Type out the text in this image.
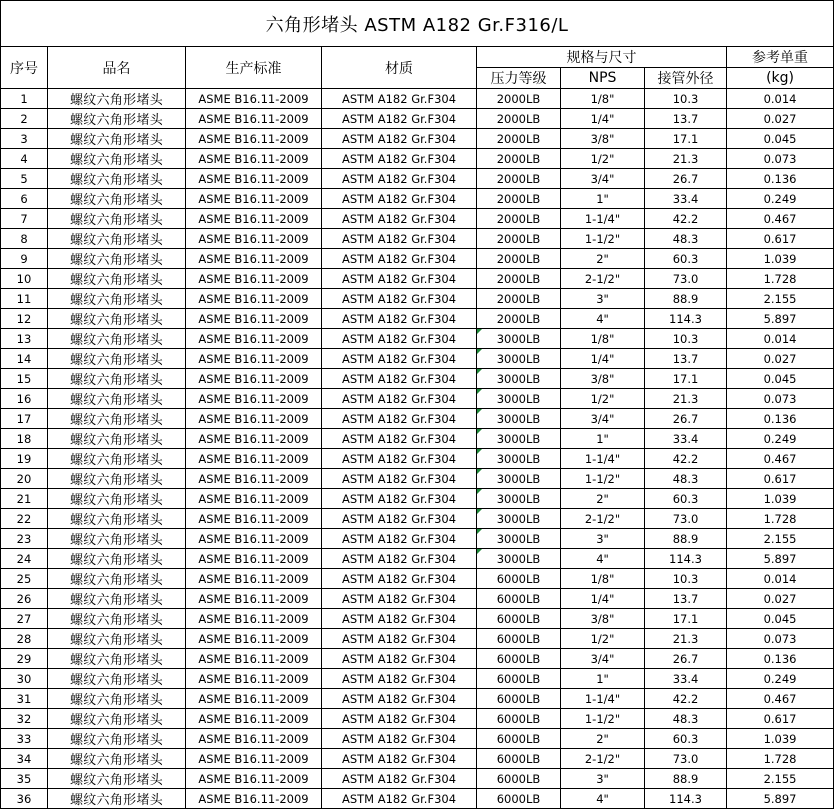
六角形堵头 ASTM A182 Gr.F316/L							
序号	品名	生产标准	材质	规格与尺寸			参考单重
				压力等级	NPS	接管外径	(kg)
1	螺纹六角形堵头	ASME B16.11-2009	ASTM A182 Gr.F304	2000LB	1/8"	10.3	0.014
2	螺纹六角形堵头	ASME B16.11-2009	ASTM A182 Gr.F304	2000LB	1/4"	13.7	0.027
3	螺纹六角形堵头	ASME B16.11-2009	ASTM A182 Gr.F304	2000LB	3/8"	17.1	0.045
4	螺纹六角形堵头	ASME B16.11-2009	ASTM A182 Gr.F304	2000LB	1/2"	21.3	0.073
5	螺纹六角形堵头	ASME B16.11-2009	ASTM A182 Gr.F304	2000LB	3/4"	26.7	0.136
6	螺纹六角形堵头	ASME B16.11-2009	ASTM A182 Gr.F304	2000LB	1"	33.4	0.249
7	螺纹六角形堵头	ASME B16.11-2009	ASTM A182 Gr.F304	2000LB	1-1/4"	42.2	0.467
8	螺纹六角形堵头	ASME B16.11-2009	ASTM A182 Gr.F304	2000LB	1-1/2"	48.3	0.617
9	螺纹六角形堵头	ASME B16.11-2009	ASTM A182 Gr.F304	2000LB	2"	60.3	1.039
10	螺纹六角形堵头	ASME B16.11-2009	ASTM A182 Gr.F304	2000LB	2-1/2"	73.0	1.728
11	螺纹六角形堵头	ASME B16.11-2009	ASTM A182 Gr.F304	2000LB	3"	88.9	2.155
12	螺纹六角形堵头	ASME B16.11-2009	ASTM A182 Gr.F304	2000LB	4"	114.3	5.897
13	螺纹六角形堵头	ASME B16.11-2009	ASTM A182 Gr.F304	3000LB	1/8"	10.3	0.014
14	螺纹六角形堵头	ASME B16.11-2009	ASTM A182 Gr.F304	3000LB	1/4"	13.7	0.027
15	螺纹六角形堵头	ASME B16.11-2009	ASTM A182 Gr.F304	3000LB	3/8"	17.1	0.045
16	螺纹六角形堵头	ASME B16.11-2009	ASTM A182 Gr.F304	3000LB	1/2"	21.3	0.073
17	螺纹六角形堵头	ASME B16.11-2009	ASTM A182 Gr.F304	3000LB	3/4"	26.7	0.136
18	螺纹六角形堵头	ASME B16.11-2009	ASTM A182 Gr.F304	3000LB	1"	33.4	0.249
19	螺纹六角形堵头	ASME B16.11-2009	ASTM A182 Gr.F304	3000LB	1-1/4"	42.2	0.467
20	螺纹六角形堵头	ASME B16.11-2009	ASTM A182 Gr.F304	3000LB	1-1/2"	48.3	0.617
21	螺纹六角形堵头	ASME B16.11-2009	ASTM A182 Gr.F304	3000LB	2"	60.3	1.039
22	螺纹六角形堵头	ASME B16.11-2009	ASTM A182 Gr.F304	3000LB	2-1/2"	73.0	1.728
23	螺纹六角形堵头	ASME B16.11-2009	ASTM A182 Gr.F304	3000LB	3"	88.9	2.155
24	螺纹六角形堵头	ASME B16.11-2009	ASTM A182 Gr.F304	3000LB	4"	114.3	5.897
25	螺纹六角形堵头	ASME B16.11-2009	ASTM A182 Gr.F304	6000LB	1/8"	10.3	0.014
26	螺纹六角形堵头	ASME B16.11-2009	ASTM A182 Gr.F304	6000LB	1/4"	13.7	0.027
27	螺纹六角形堵头	ASME B16.11-2009	ASTM A182 Gr.F304	6000LB	3/8"	17.1	0.045
28	螺纹六角形堵头	ASME B16.11-2009	ASTM A182 Gr.F304	6000LB	1/2"	21.3	0.073
29	螺纹六角形堵头	ASME B16.11-2009	ASTM A182 Gr.F304	6000LB	3/4"	26.7	0.136
30	螺纹六角形堵头	ASME B16.11-2009	ASTM A182 Gr.F304	6000LB	1"	33.4	0.249
31	螺纹六角形堵头	ASME B16.11-2009	ASTM A182 Gr.F304	6000LB	1-1/4"	42.2	0.467
32	螺纹六角形堵头	ASME B16.11-2009	ASTM A182 Gr.F304	6000LB	1-1/2"	48.3	0.617
33	螺纹六角形堵头	ASME B16.11-2009	ASTM A182 Gr.F304	6000LB	2"	60.3	1.039
34	螺纹六角形堵头	ASME B16.11-2009	ASTM A182 Gr.F304	6000LB	2-1/2"	73.0	1.728
35	螺纹六角形堵头	ASME B16.11-2009	ASTM A182 Gr.F304	6000LB	3"	88.9	2.155
36	螺纹六角形堵头	ASME B16.11-2009	ASTM A182 Gr.F304	6000LB	4"	114.3	5.897
